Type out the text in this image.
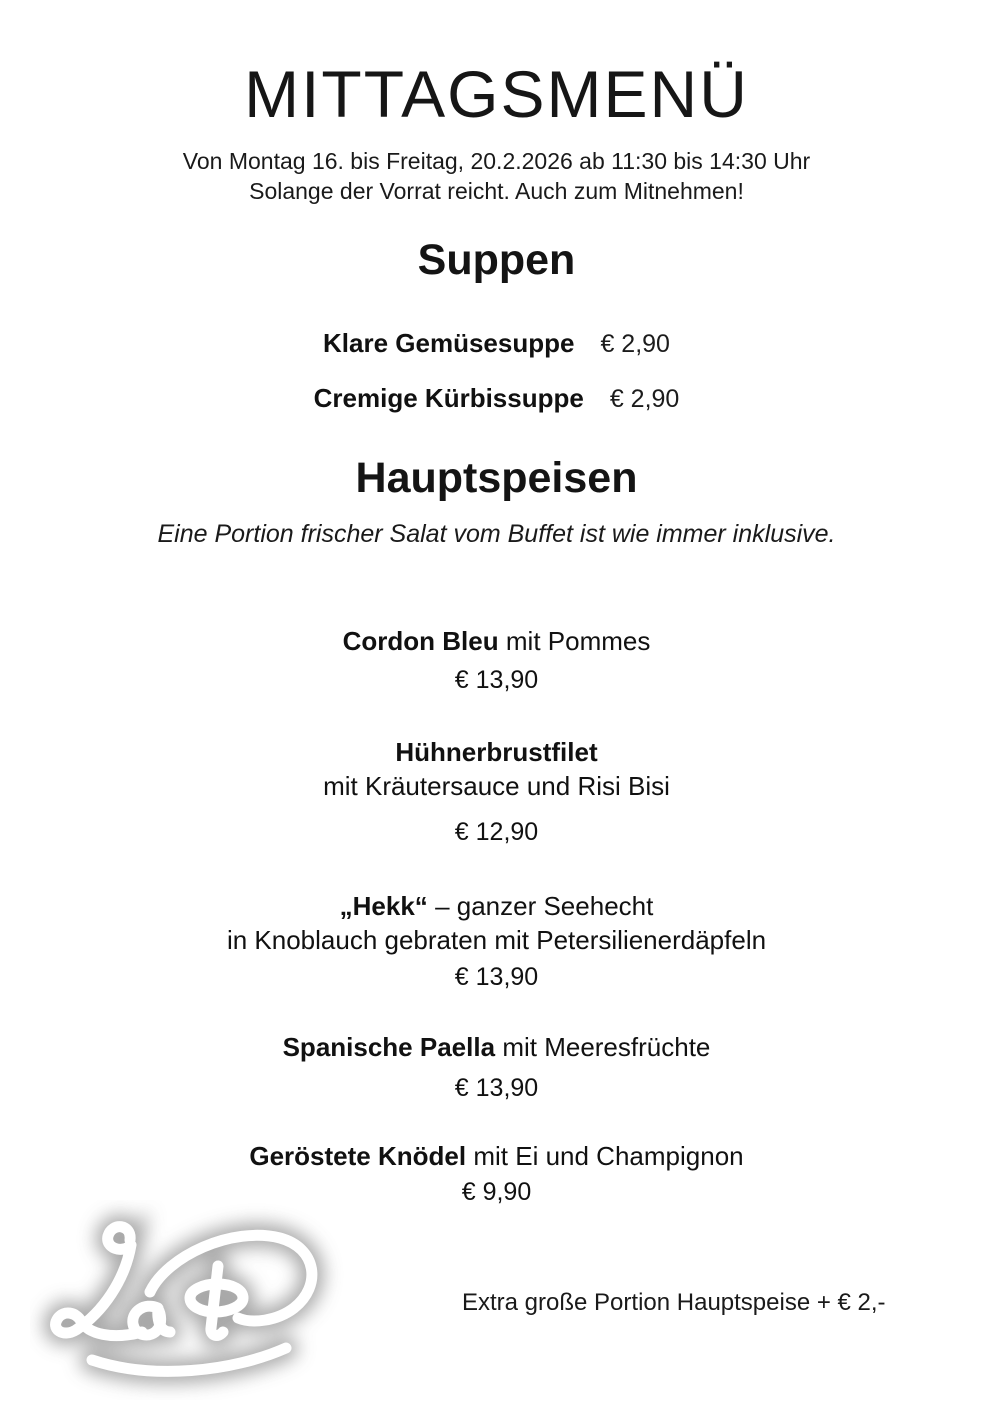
MITTAGSMENÜ
Von Montag 16. bis Freitag, 20.2.2026 ab 11:30 bis 14:30 Uhr
Solange der Vorrat reicht. Auch zum Mitnehmen!
Suppen
Klare Gemüsesuppe € 2,90
Cremige Kürbissuppe € 2,90
Hauptspeisen
Eine Portion frischer Salat vom Buffet ist wie immer inklusive.
Cordon Bleu mit Pommes
€ 13,90
Hühnerbrustfilet
mit Kräutersauce und Risi Bisi
€ 12,90
„Hekk“ – ganzer Seehecht
in Knoblauch gebraten mit Petersilienerdäpfeln
€ 13,90
Spanische Paella mit Meeresfrüchte
€ 13,90
Geröstete Knödel mit Ei und Champignon
€ 9,90
Extra große Portion Hauptspeise + € 2,-
